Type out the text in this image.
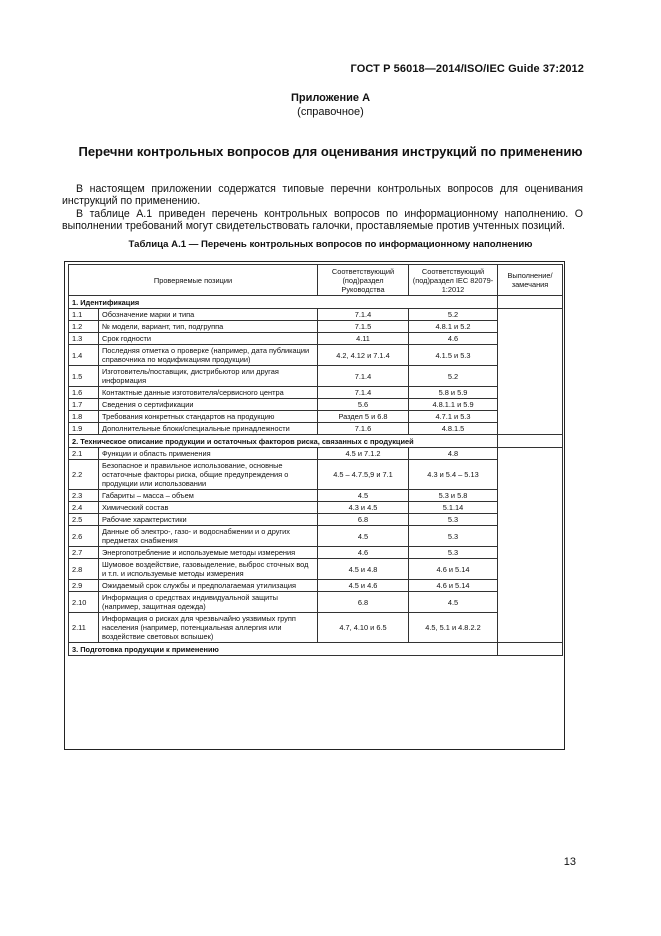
ГОСТ Р 56018—2014/ISO/IEC Guide 37:2012
Приложение А
(справочное)
Перечни контрольных вопросов для оценивания инструкций по применению
В настоящем приложении содержатся типовые перечни контрольных вопросов для оценивания инструкций по применению.
В таблице А.1 приведен перечень контрольных вопросов по информационному наполнению. О выполнении требований могут свидетельствовать галочки, проставляемые против учтенных позиций.
Таблица А.1 — Перечень контрольных вопросов по информационному наполнению
Проверяемые позиции		Соответствующий (под)раздел Руководства	Соответствующий (под)раздел IEC 82079-1:2012	Выполнение/ замечания
1. Идентификация				
1.1	Обозначение марки и типа	7.1.4	5.2	
1.2	№ модели, вариант, тип, подгруппа	7.1.5	4.8.1 и 5.2	
1.3	Срок годности	4.11	4.6	
1.4	Последняя отметка о проверке (например, дата публикации справочника по модификациям продукции)	4.2, 4.12 и 7.1.4	4.1.5 и 5.3	
1.5	Изготовитель/поставщик, дистрибьютор или другая информация	7.1.4	5.2	
1.6	Контактные данные изготовителя/сервисного центра	7.1.4	5.8 и 5.9	
1.7	Сведения о сертификации	5.6	4.8.1.1 и 5.9	
1.8	Требования конкретных стандартов на продукцию	Раздел 5 и 6.8	4.7.1 и 5.3	
1.9	Дополнительные блоки/специальные принадлежности	7.1.6	4.8.1.5	
2. Техническое описание продукции и остаточных факторов риска, связанных с продукцией				
2.1	Функции и область применения	4.5 и 7.1.2	4.8	
2.2	Безопасное и правильное использование, основные остаточные факторы риска, общие предупреждения о продукции или использовании	4.5 – 4.7.5,9 и 7.1	4.3 и 5.4 – 5.13	
2.3	Габариты – масса – объем	4.5	5.3 и 5.8	
2.4	Химический состав	4.3 и 4.5	5.1.14	
2.5	Рабочие характеристики	6.8	5.3	
2.6	Данные об электро-, газо- и водоснабжении и о других предметах снабжения	4.5	5.3	
2.7	Энергопотребление и используемые методы измерения	4.6	5.3	
2.8	Шумовое воздействие, газовыделение, выброс сточных вод и т.п. и используемые методы измерения	4.5 и 4.8	4.6 и 5.14	
2.9	Ожидаемый срок службы и предполагаемая утилизация	4.5 и 4.6	4.6 и 5.14	
2.10	Информация о средствах индивидуальной защиты (например, защитная одежда)	6.8	4.5	
2.11	Информация о рисках для чрезвычайно уязвимых групп населения (например, потенциальная аллергия или воздействие световых вспышек)	4.7, 4.10 и 6.5	4.5, 5.1 и 4.8.2.2	
3. Подготовка продукции к применению				
13
